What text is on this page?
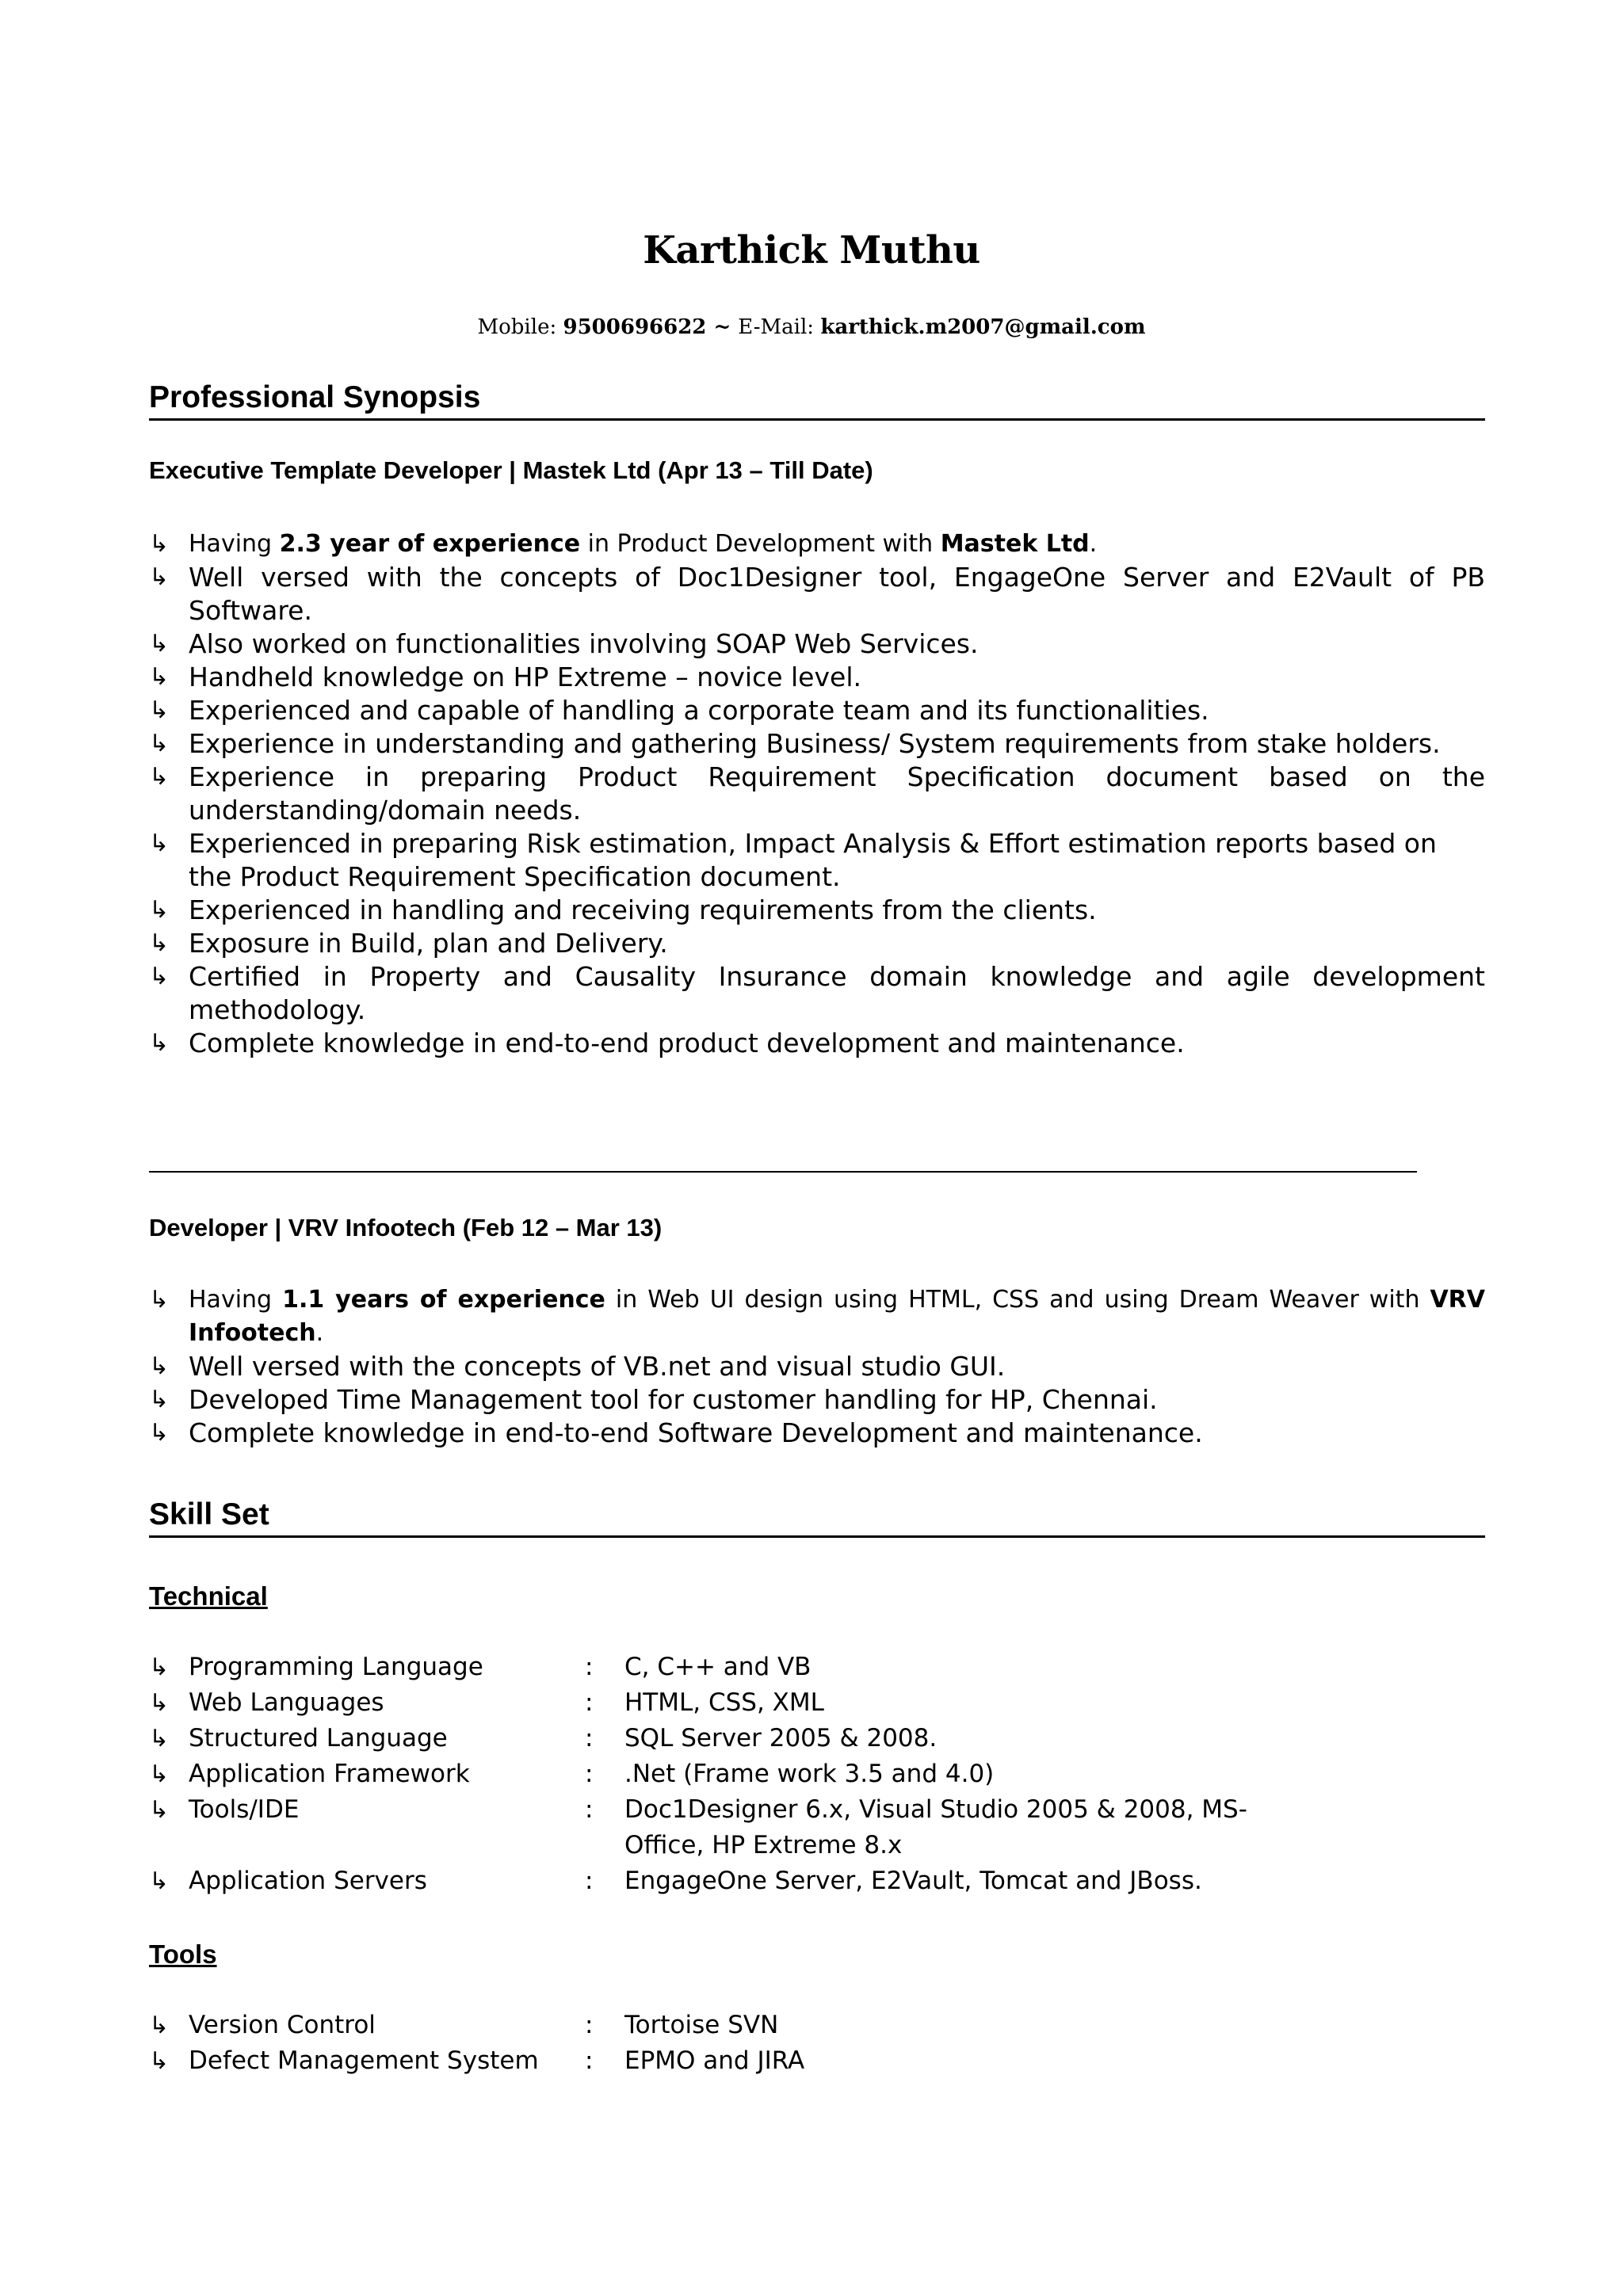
Karthick Muthu
Mobile: 9500696622 ~ E-Mail: karthick.m2007@gmail.com
Professional Synopsis
Executive Template Developer | Mastek Ltd (Apr 13 – Till Date)
↳ Having 2.3 year of experience in Product Development with Mastek Ltd.
↳ Well versed with the concepts of Doc1Designer tool, EngageOne Server and E2Vault of PB Software.
↳ Also worked on functionalities involving SOAP Web Services.
↳ Handheld knowledge on HP Extreme – novice level.
↳ Experienced and capable of handling a corporate team and its functionalities.
↳ Experience in understanding and gathering Business/ System requirements from stake holders.
↳ Experience in preparing Product Requirement Specification document based on the understanding/domain needs.
↳ Experienced in preparing Risk estimation, Impact Analysis & Effort estimation reports based on the Product Requirement Specification document.
↳ Experienced in handling and receiving requirements from the clients.
↳ Exposure in Build, plan and Delivery.
↳ Certified in Property and Causality Insurance domain knowledge and agile development methodology.
↳ Complete knowledge in end-to-end product development and maintenance.
Developer | VRV Infootech (Feb 12 – Mar 13)
↳ Having 1.1 years of experience in Web UI design using HTML, CSS and using Dream Weaver with VRV Infootech.
↳ Well versed with the concepts of VB.net and visual studio GUI.
↳ Developed Time Management tool for customer handling for HP, Chennai.
↳ Complete knowledge in end-to-end Software Development and maintenance.
Skill Set
Technical
↳ Programming Language	:	C, C++ and VB
↳ Web Languages	:	HTML, CSS, XML
↳ Structured Language	:	SQL Server 2005 & 2008.
↳ Application Framework	:	.Net (Frame work 3.5 and 4.0)
↳ Tools/IDE	:	Doc1Designer 6.x, Visual Studio 2005 & 2008, MS-Office, HP Extreme 8.x
↳ Application Servers	:	EngageOne Server, E2Vault, Tomcat and JBoss.
Tools
↳ Version Control	:	Tortoise SVN
↳ Defect Management System	:	EPMO and JIRA
